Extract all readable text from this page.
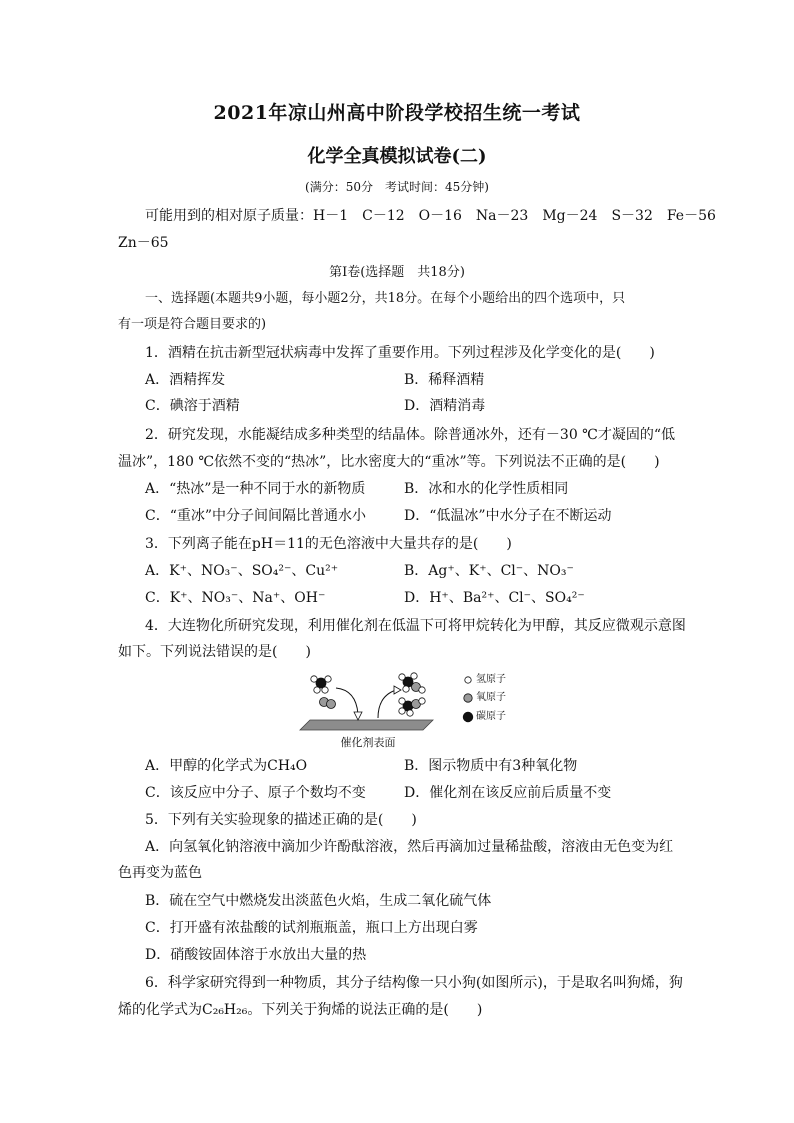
2021年凉山州高中阶段学校招生统一考试
化学全真模拟试卷(二)
(满分：50分　考试时间：45分钟)
可能用到的相对原子质量：H－1　C－12　O－16　Na－23　Mg－24　S－32　Fe－56
Zn－65
第Ⅰ卷(选择题　共18分)
一、选择题(本题共9小题，每小题2分，共18分。在每个小题给出的四个选项中，只
有一项是符合题目要求的)
1．酒精在抗击新型冠状病毒中发挥了重要作用。下列过程涉及化学变化的是(　　)
A．酒精挥发	B．稀释酒精
C．碘溶于酒精	D．酒精消毒
2．研究发现，水能凝结成多种类型的结晶体。除普通冰外，还有－30 ℃才凝固的“低
温冰”，180 ℃依然不变的“热冰”，比水密度大的“重冰”等。下列说法不正确的是(　　)
A．“热冰”是一种不同于水的新物质	B．冰和水的化学性质相同
C．“重冰”中分子间间隔比普通水小	D．“低温冰”中水分子在不断运动
3．下列离子能在pH＝11的无色溶液中大量共存的是(　　)
A．K⁺、NO₃⁻、SO₄²⁻、Cu²⁺	B．Ag⁺、K⁺、Cl⁻、NO₃⁻
C．K⁺、NO₃⁻、Na⁺、OH⁻	D．H⁺、Ba²⁺、Cl⁻、SO₄²⁻
4．大连物化所研究发现，利用催化剂在低温下可将甲烷转化为甲醇，其反应微观示意图
如下。下列说法错误的是(　　)
氢原子
氧原子
碳原子
催化剂表面
A．甲醇的化学式为CH₄O	B．图示物质中有3种氧化物
C．该反应中分子、原子个数均不变	D．催化剂在该反应前后质量不变
5．下列有关实验现象的描述正确的是(　　)
A．向氢氧化钠溶液中滴加少许酚酞溶液，然后再滴加过量稀盐酸，溶液由无色变为红
色再变为蓝色
B．硫在空气中燃烧发出淡蓝色火焰，生成二氧化硫气体
C．打开盛有浓盐酸的试剂瓶瓶盖，瓶口上方出现白雾
D．硝酸铵固体溶于水放出大量的热
6．科学家研究得到一种物质，其分子结构像一只小狗(如图所示)，于是取名叫狗烯，狗
烯的化学式为C₂₆H₂₆。下列关于狗烯的说法正确的是(　　)
